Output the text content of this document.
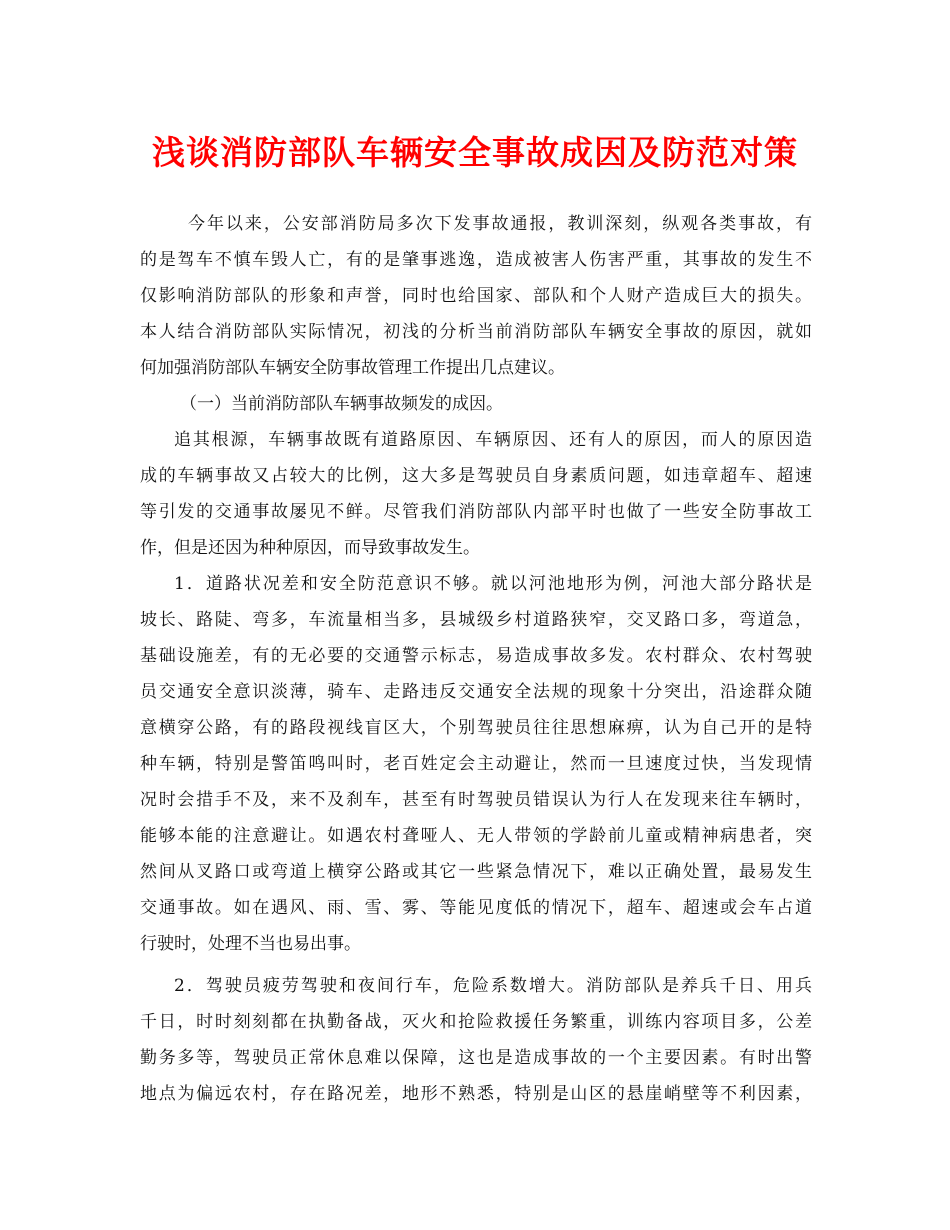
浅谈消防部队车辆安全事故成因及防范对策
今年以来，公安部消防局多次下发事故通报，教训深刻，纵观各类事故，有
的是驾车不慎车毁人亡，有的是肇事逃逸，造成被害人伤害严重，其事故的发生不
仅影响消防部队的形象和声誉，同时也给国家、部队和个人财产造成巨大的损失。
本人结合消防部队实际情况，初浅的分析当前消防部队车辆安全事故的原因，就如
何加强消防部队车辆安全防事故管理工作提出几点建议。
（一）当前消防部队车辆事故频发的成因。
追其根源，车辆事故既有道路原因、车辆原因、还有人的原因，而人的原因造
成的车辆事故又占较大的比例，这大多是驾驶员自身素质问题，如违章超车、超速
等引发的交通事故屡见不鲜。尽管我们消防部队内部平时也做了一些安全防事故工
作，但是还因为种种原因，而导致事故发生。
1．道路状况差和安全防范意识不够。就以河池地形为例，河池大部分路状是
坡长、路陡、弯多，车流量相当多，县城级乡村道路狭窄，交叉路口多，弯道急，
基础设施差，有的无必要的交通警示标志，易造成事故多发。农村群众、农村驾驶
员交通安全意识淡薄，骑车、走路违反交通安全法规的现象十分突出，沿途群众随
意横穿公路，有的路段视线盲区大，个别驾驶员往往思想麻痹，认为自己开的是特
种车辆，特别是警笛鸣叫时，老百姓定会主动避让，然而一旦速度过快，当发现情
况时会措手不及，来不及刹车，甚至有时驾驶员错误认为行人在发现来往车辆时，
能够本能的注意避让。如遇农村聋哑人、无人带领的学龄前儿童或精神病患者，突
然间从叉路口或弯道上横穿公路或其它一些紧急情况下，难以正确处置，最易发生
交通事故。如在遇风、雨、雪、雾、等能见度低的情况下，超车、超速或会车占道
行驶时，处理不当也易出事。
2．驾驶员疲劳驾驶和夜间行车，危险系数增大。消防部队是养兵千日、用兵
千日，时时刻刻都在执勤备战，灭火和抢险救援任务繁重，训练内容项目多，公差
勤务多等，驾驶员正常休息难以保障，这也是造成事故的一个主要因素。有时出警
地点为偏远农村，存在路况差，地形不熟悉，特别是山区的悬崖峭壁等不利因素，
